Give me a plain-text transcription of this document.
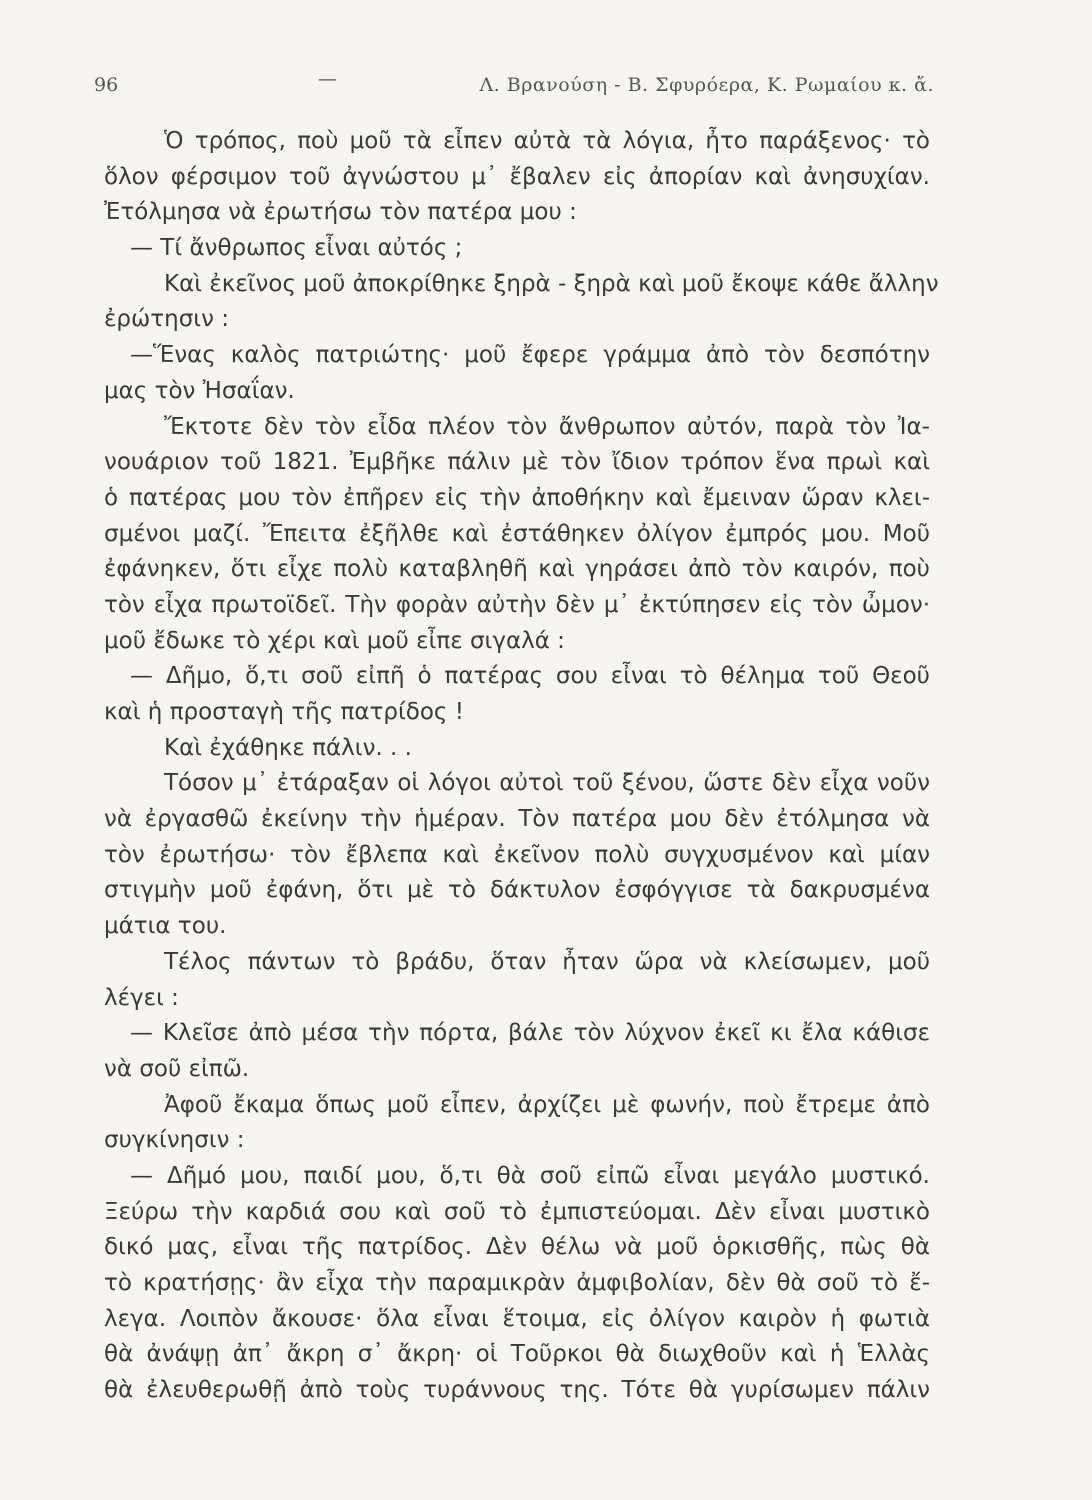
96	—	Λ. Βρανούση - Β. Σφυρόερα, Κ. Ρωμαίου κ. ἄ.
Ὁ τρόπος, ποὺ μοῦ τὰ εἶπεν αὐτὰ τὰ λόγια, ἦτο παράξενος· τὸ
ὅλον φέρσιμον τοῦ ἀγνώστου μ᾿ ἔβαλεν εἰς ἀπορίαν καὶ ἀνησυχίαν.
Ἐτόλμησα νὰ ἐρωτήσω τὸν πατέρα μου :
— Τί ἄνθρωπος εἶναι αὐτός ;
Καὶ ἐκεῖνος μοῦ ἀποκρίθηκε ξηρὰ - ξηρὰ καὶ μοῦ ἔκοψε κάθε ἄλλην
ἐρώτησιν :
—Ἕνας καλὸς πατριώτης· μοῦ ἔφερε γράμμα ἀπὸ τὸν δεσπότην
μας τὸν Ἠσαΐαν.
Ἔκτοτε δὲν τὸν εἶδα πλέον τὸν ἄνθρωπον αὐτόν, παρὰ τὸν Ἰα-
νουάριον τοῦ 1821. Ἐμβῆκε πάλιν μὲ τὸν ἴδιον τρόπον ἕνα πρωὶ καὶ
ὁ πατέρας μου τὸν ἐπῆρεν εἰς τὴν ἀποθήκην καὶ ἔμειναν ὥραν κλει-
σμένοι μαζί. Ἔπειτα ἐξῆλθε καὶ ἐστάθηκεν ὀλίγον ἐμπρός μου. Μοῦ
ἐφάνηκεν, ὅτι εἶχε πολὺ καταβληθῆ καὶ γηράσει ἀπὸ τὸν καιρόν, ποὺ
τὸν εἶχα πρωτοϊδεῖ. Τὴν φορὰν αὐτὴν δὲν μ᾿ ἐκτύπησεν εἰς τὸν ὦμον·
μοῦ ἔδωκε τὸ χέρι καὶ μοῦ εἶπε σιγαλά :
— Δῆμο, ὅ,τι σοῦ εἰπῆ ὁ πατέρας σου εἶναι τὸ θέλημα τοῦ Θεοῦ
καὶ ἡ προσταγὴ τῆς πατρίδος !
Καὶ ἐχάθηκε πάλιν. . .
Τόσον μ᾿ ἐτάραξαν οἱ λόγοι αὐτοὶ τοῦ ξένου, ὥστε δὲν εἶχα νοῦν
νὰ ἐργασθῶ ἐκείνην τὴν ἡμέραν. Τὸν πατέρα μου δὲν ἐτόλμησα νὰ
τὸν ἐρωτήσω· τὸν ἔβλεπα καὶ ἐκεῖνον πολὺ συγχυσμένον καὶ μίαν
στιγμὴν μοῦ ἐφάνη, ὅτι μὲ τὸ δάκτυλον ἐσφόγγισε τὰ δακρυσμένα
μάτια του.
Τέλος πάντων τὸ βράδυ, ὅταν ἦταν ὥρα νὰ κλείσωμεν, μοῦ
λέγει :
— Κλεῖσε ἀπὸ μέσα τὴν πόρτα, βάλε τὸν λύχνον ἐκεῖ κι ἔλα κάθισε
νὰ σοῦ εἰπῶ.
Ἀφοῦ ἔκαμα ὅπως μοῦ εἶπεν, ἀρχίζει μὲ φωνήν, ποὺ ἔτρεμε ἀπὸ
συγκίνησιν :
— Δῆμό μου, παιδί μου, ὅ,τι θὰ σοῦ εἰπῶ εἶναι μεγάλο μυστικό.
Ξεύρω τὴν καρδιά σου καὶ σοῦ τὸ ἐμπιστεύομαι. Δὲν εἶναι μυστικὸ
δικό μας, εἶναι τῆς πατρίδος. Δὲν θέλω νὰ μοῦ ὁρκισθῆς, πὼς θὰ
τὸ κρατήσῃς· ἂν εἶχα τὴν παραμικρὰν ἀμφιβολίαν, δὲν θὰ σοῦ τὸ ἔ-
λεγα. Λοιπὸν ἄκουσε· ὅλα εἶναι ἕτοιμα, εἰς ὀλίγον καιρὸν ἡ φωτιὰ
θὰ ἀνάψῃ ἀπ᾿ ἄκρη σ᾿ ἄκρη· οἱ Τοῦρκοι θὰ διωχθοῦν καὶ ἡ Ἑλλὰς
θὰ ἐλευθερωθῇ ἀπὸ τοὺς τυράννους της. Τότε θὰ γυρίσωμεν πάλιν
